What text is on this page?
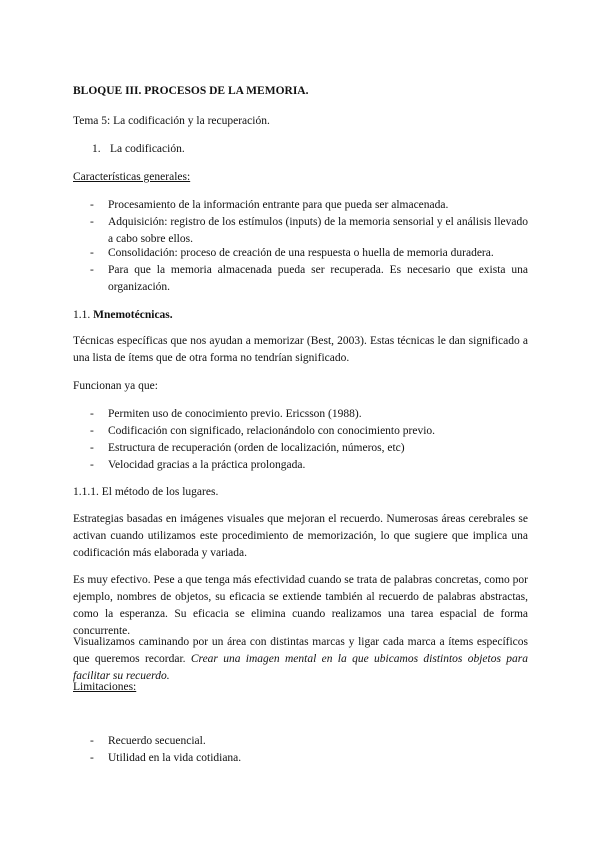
BLOQUE III. PROCESOS DE LA MEMORIA.

Tema 5: La codificación y la recuperación.

1. La codificación.

Características generales:

- Procesamiento de la información entrante para que pueda ser almacenada.
- Adquisición: registro de los estímulos (inputs) de la memoria sensorial y el análisis llevado a cabo sobre ellos.
- Consolidación: proceso de creación de una respuesta o huella de memoria duradera.
- Para que la memoria almacenada pueda ser recuperada. Es necesario que exista una organización.

1.1. Mnemotécnicas.

Técnicas específicas que nos ayudan a memorizar (Best, 2003). Estas técnicas le dan significado a una lista de ítems que de otra forma no tendrían significado.

Funcionan ya que:

- Permiten uso de conocimiento previo. Ericsson (1988).
- Codificación con significado, relacionándolo con conocimiento previo.
- Estructura de recuperación (orden de localización, números, etc)
- Velocidad gracias a la práctica prolongada.

1.1.1. El método de los lugares.

Estrategias basadas en imágenes visuales que mejoran el recuerdo. Numerosas áreas cerebrales se activan cuando utilizamos este procedimiento de memorización, lo que sugiere que implica una codificación más elaborada y variada.

Es muy efectivo. Pese a que tenga más efectividad cuando se trata de palabras concretas, como por ejemplo, nombres de objetos, su eficacia se extiende también al recuerdo de palabras abstractas, como la esperanza. Su eficacia se elimina cuando realizamos una tarea espacial de forma concurrente.

Visualizamos caminando por un área con distintas marcas y ligar cada marca a ítems específicos que queremos recordar. Crear una imagen mental en la que ubicamos distintos objetos para facilitar su recuerdo.

Limitaciones:

- Recuerdo secuencial.
- Utilidad en la vida cotidiana.
